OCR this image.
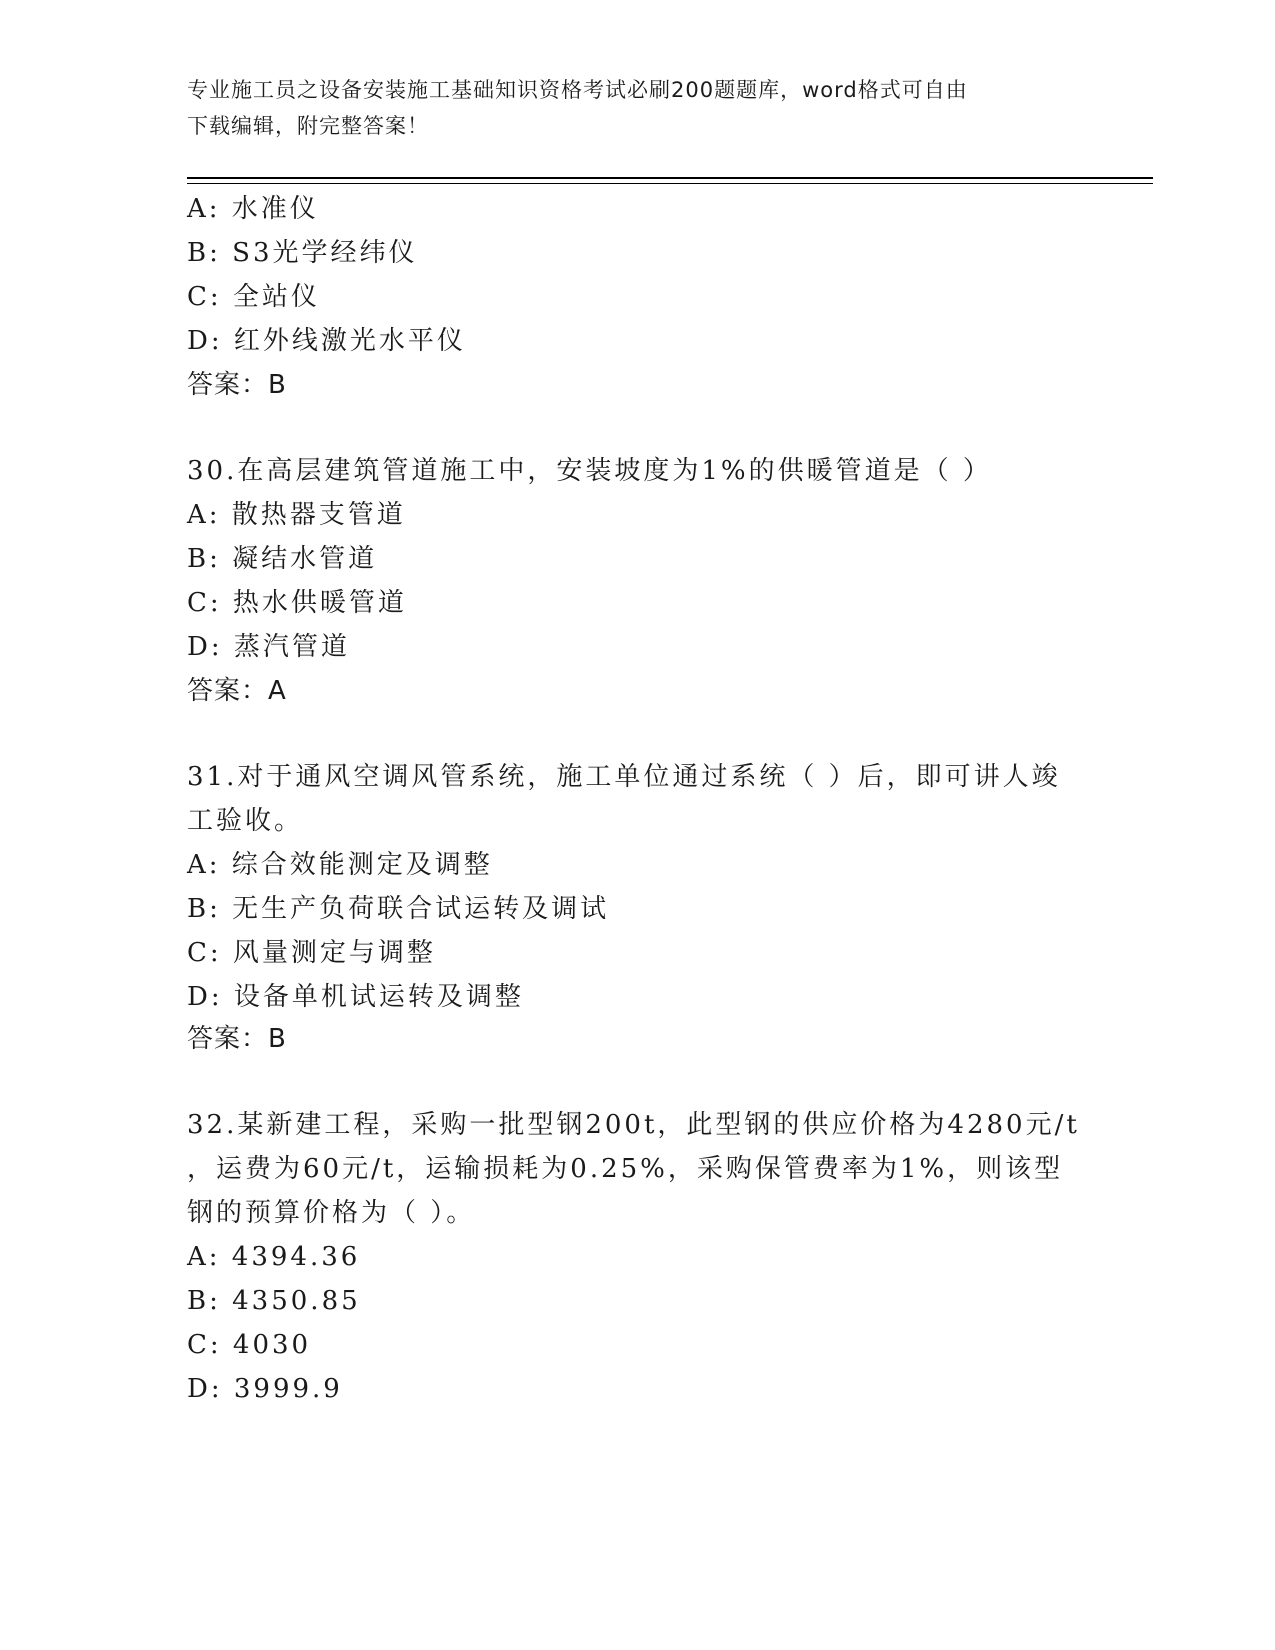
专业施工员之设备安装施工基础知识资格考试必刷200题题库，word格式可自由
下载编辑，附完整答案！
A: 水准仪
B: S3光学经纬仪
C: 全站仪
D: 红外线激光水平仪
答案：B
30.在高层建筑管道施工中，安装坡度为1%的供暖管道是（ ）
A: 散热器支管道
B: 凝结水管道
C: 热水供暖管道
D: 蒸汽管道
答案：A
31.对于通风空调风管系统，施工单位通过系统（ ）后，即可讲人竣
工验收。
A: 综合效能测定及调整
B: 无生产负荷联合试运转及调试
C: 风量测定与调整
D: 设备单机试运转及调整
答案：B
32.某新建工程，采购一批型钢200t，此型钢的供应价格为4280元/t
，运费为60元/t，运输损耗为0.25%，采购保管费率为1%，则该型
钢的预算价格为（ ）。
A: 4394.36
B: 4350.85
C: 4030
D: 3999.9
